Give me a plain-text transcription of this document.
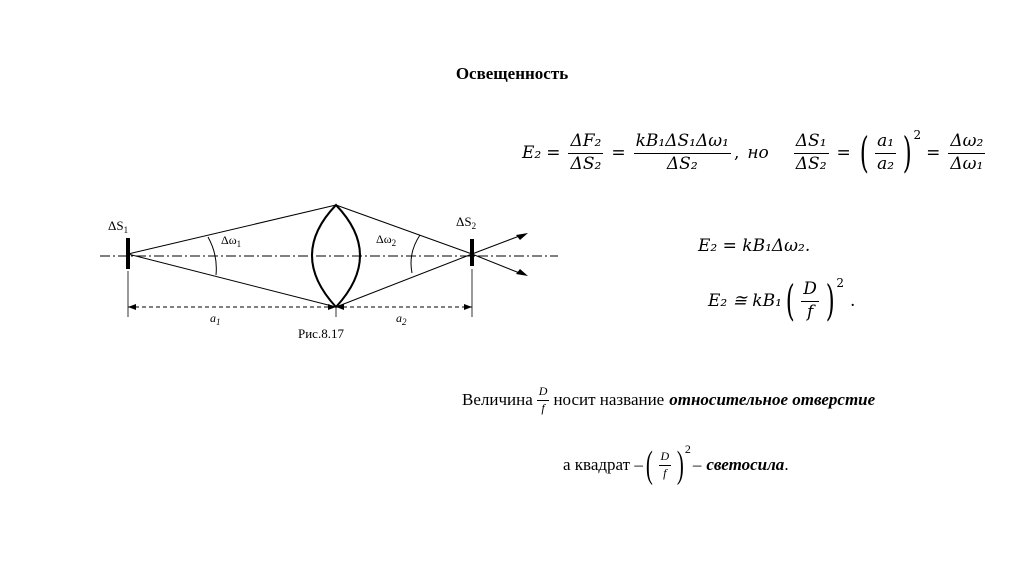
Освещенность
$E_2 = \frac{\text{ΔF₂}}{\text{ΔS₂}} = \frac{\text{kB₁ΔS₁Δω₁}}{\text{ΔS₂}}$ , но $\frac{\text{ΔS₁}}{\text{ΔS₂}}$ = ( $\frac{\text{a₁}}{\text{a₂}}$ ) 2
= $\frac{\text{Δω₂}}{\text{Δω₁}}$
E₂ = kB₁Δω₂.
E₂ ≅ kB₁ ( $\frac{D}{f}$ ) 2
.
$\Delta S_1$
$\Delta S_2$
$\Delta\omega_1$	$\Delta\omega_2$
$a_1$	$a_2$
Рис.8.17
Величина $\frac{D}{f}$ носит название относительное отверстие
а квадрат – ( $\frac{D}{f}$ ) 2
– светосила .
